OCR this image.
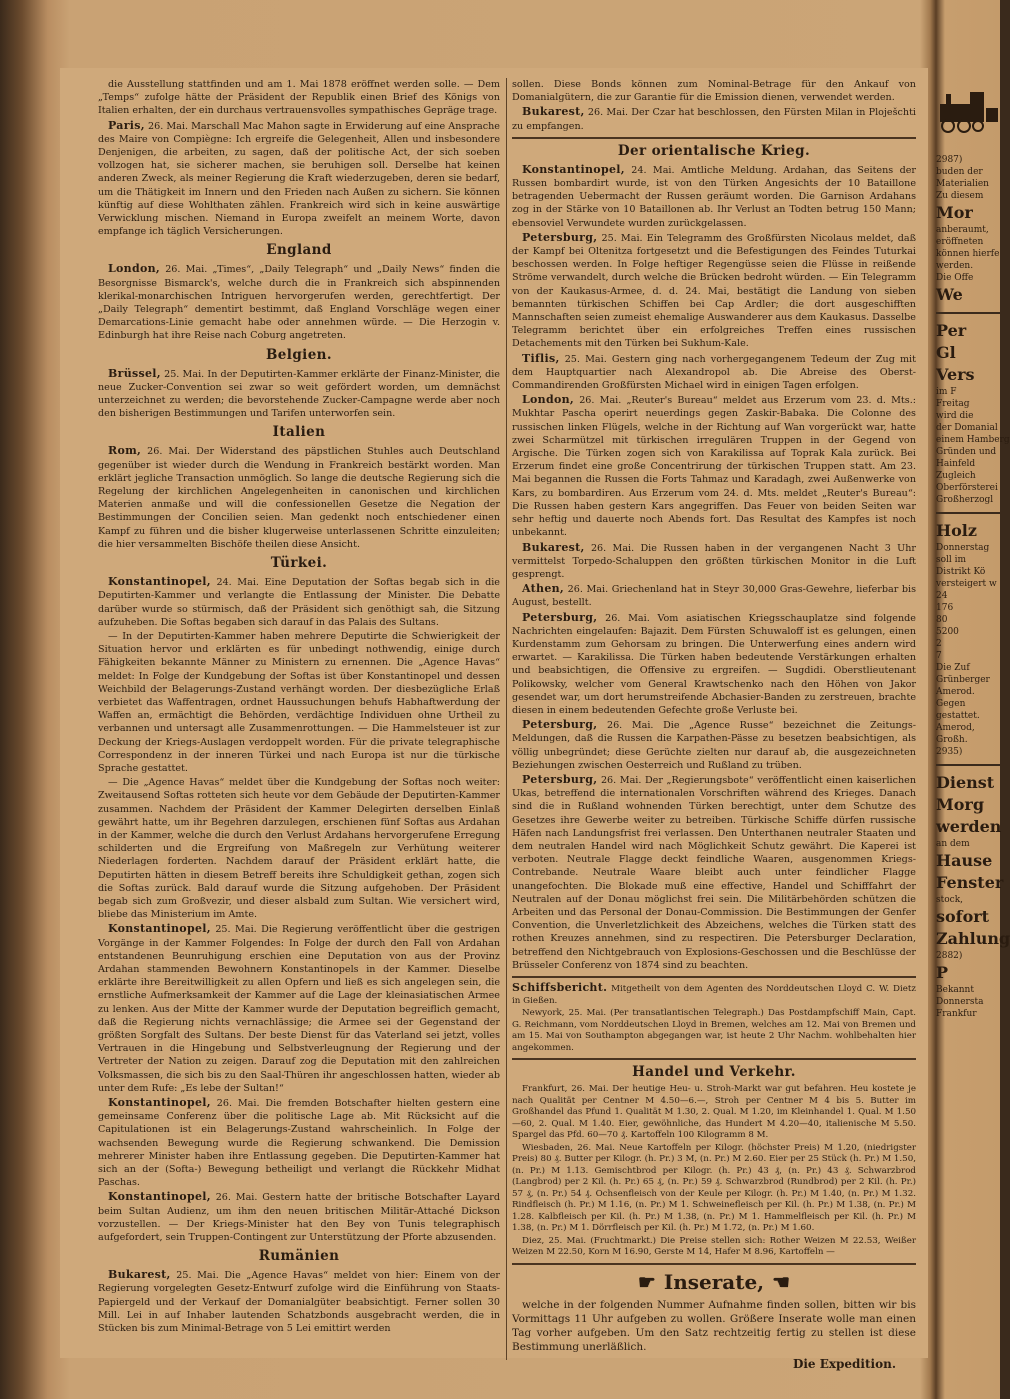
die Ausstellung stattfinden und am 1. Mai 1878 eröffnet werden solle. — Dem „Temps“ zufolge hätte der Präsident der Republik einen Brief des Königs von Italien erhalten, der ein durchaus vertrauensvolles sympathisches Gepräge trage.

Paris, 26. Mai. Marschall Mac Mahon sagte in Erwiderung auf eine Ansprache des Maire von Compiègne: Ich ergreife die Gelegenheit, Allen und insbesondere Denjenigen, die arbeiten, zu sagen, daß der politische Act, der sich soeben vollzogen hat, sie sicherer machen, sie beruhigen soll. Derselbe hat keinen anderen Zweck, als meiner Regierung die Kraft wiederzugeben, deren sie bedarf, um die Thätigkeit im Innern und den Frieden nach Außen zu sichern. Sie können künftig auf diese Wohlthaten zählen. Frankreich wird sich in keine auswärtige Verwicklung mischen. Niemand in Europa zweifelt an meinem Worte, davon empfange ich täglich Versicherungen.

England

London, 26. Mai. „Times“, „Daily Telegraph“ und „Daily News“ finden die Besorgnisse Bismarck's, welche durch die in Frankreich sich abspinnenden klerikal-monarchischen Intriguen hervorgerufen werden, gerechtfertigt. Der „Daily Telegraph“ dementirt bestimmt, daß England Vorschläge wegen einer Demarcations-Linie gemacht habe oder annehmen würde. — Die Herzogin v. Edinburgh hat ihre Reise nach Coburg angetreten.

Belgien.

Brüssel, 25. Mai. In der Deputirten-Kammer erklärte der Finanz-Minister, die neue Zucker-Convention sei zwar so weit gefördert worden, um demnächst unterzeichnet zu werden; die bevorstehende Zucker-Campagne werde aber noch den bisherigen Bestimmungen und Tarifen unterworfen sein.

Italien

Rom, 26. Mai. Der Widerstand des päpstlichen Stuhles auch Deutschland gegenüber ist wieder durch die Wendung in Frankreich bestärkt worden. Man erklärt jegliche Transaction unmöglich. So lange die deutsche Regierung sich die Regelung der kirchlichen Angelegenheiten in canonischen und kirchlichen Materien anmaße und will die confessionellen Gesetze die Negation der Bestimmungen der Concilien seien. Man gedenkt noch entschiedener einen Kampf zu führen und die bisher klugerweise unterlassenen Schritte einzuleiten; die hier versammelten Bischöfe theilen diese Ansicht.

Türkei.

Konstantinopel, 24. Mai. Eine Deputation der Softas begab sich in die Deputirten-Kammer und verlangte die Entlassung der Minister. Die Debatte darüber wurde so stürmisch, daß der Präsident sich genöthigt sah, die Sitzung aufzuheben. Die Softas begaben sich darauf in das Palais des Sultans.

— In der Deputirten-Kammer haben mehrere Deputirte die Schwierigkeit der Situation hervor und erklärten es für unbedingt nothwendig, einige durch Fähigkeiten bekannte Männer zu Ministern zu ernennen. Die „Agence Havas“ meldet: In Folge der Kundgebung der Softas ist über Konstantinopel und dessen Weichbild der Belagerungs-Zustand verhängt worden. Der diesbezügliche Erlaß verbietet das Waffentragen, ordnet Haussuchungen behufs Habhaftwerdung der Waffen an, ermächtigt die Behörden, verdächtige Individuen ohne Urtheil zu verbannen und untersagt alle Zusammenrottungen. — Die Hammelsteuer ist zur Deckung der Kriegs-Auslagen verdoppelt worden. Für die private telegraphische Correspondenz in der inneren Türkei und nach Europa ist nur die türkische Sprache gestattet.

— Die „Agence Havas“ meldet über die Kundgebung der Softas noch weiter: Zweitausend Softas rotteten sich heute vor dem Gebäude der Deputirten-Kammer zusammen. Nachdem der Präsident der Kammer Delegirten derselben Einlaß gewährt hatte, um ihr Begehren darzulegen, erschienen fünf Softas aus Ardahan in der Kammer, welche die durch den Verlust Ardahans hervorgerufene Erregung schilderten und die Ergreifung von Maßregeln zur Verhütung weiterer Niederlagen forderten. Nachdem darauf der Präsident erklärt hatte, die Deputirten hätten in diesem Betreff bereits ihre Schuldigkeit gethan, zogen sich die Softas zurück. Bald darauf wurde die Sitzung aufgehoben. Der Präsident begab sich zum Großvezir, und dieser alsbald zum Sultan. Wie versichert wird, bliebe das Ministerium im Amte.

Konstantinopel, 25. Mai. Die Regierung veröffentlicht über die gestrigen Vorgänge in der Kammer Folgendes: In Folge der durch den Fall von Ardahan entstandenen Beunruhigung erschien eine Deputation von aus der Provinz Ardahan stammenden Bewohnern Konstantinopels in der Kammer. Dieselbe erklärte ihre Bereitwilligkeit zu allen Opfern und ließ es sich angelegen sein, die ernstliche Aufmerksamkeit der Kammer auf die Lage der kleinasiatischen Armee zu lenken. Aus der Mitte der Kammer wurde der Deputation begreiflich gemacht, daß die Regierung nichts vernachlässige; die Armee sei der Gegenstand der größten Sorgfalt des Sultans. Der beste Dienst für das Vaterland sei jetzt, volles Vertrauen in die Hingebung und Selbstverleugnung der Regierung und der Vertreter der Nation zu zeigen. Darauf zog die Deputation mit den zahlreichen Volksmassen, die sich bis zu den Saal-Thüren ihr angeschlossen hatten, wieder ab unter dem Rufe: „Es lebe der Sultan!“

Konstantinopel, 26. Mai. Die fremden Botschafter hielten gestern eine gemeinsame Conferenz über die politische Lage ab. Mit Rücksicht auf die Capitulationen ist ein Belagerungs-Zustand wahrscheinlich. In Folge der wachsenden Bewegung wurde die Regierung schwankend. Die Demission mehrerer Minister haben ihre Entlassung gegeben. Die Deputirten-Kammer hat sich an der (Softa-) Bewegung betheiligt und verlangt die Rückkehr Midhat Paschas.

Konstantinopel, 26. Mai. Gestern hatte der britische Botschafter Layard beim Sultan Audienz, um ihm den neuen britischen Militär-Attaché Dickson vorzustellen. — Der Kriegs-Minister hat den Bey von Tunis telegraphisch aufgefordert, sein Truppen-Contingent zur Unterstützung der Pforte abzusenden.

Rumänien

Bukarest, 25. Mai. Die „Agence Havas“ meldet von hier: Einem von der Regierung vorgelegten Gesetz-Entwurf zufolge wird die Einführung von Staats-Papiergeld und der Verkauf der Domanialgüter beabsichtigt. Ferner sollen 30 Mill. Lei in auf Inhaber lautenden Schatzbonds ausgebracht werden, die in Stücken bis zum Minimal-Betrage von 5 Lei emittirt werden

sollen. Diese Bonds können zum Nominal-Betrage für den Ankauf von Domanialgütern, die zur Garantie für die Emission dienen, verwendet werden.

Bukarest, 26. Mai. Der Czar hat beschlossen, den Fürsten Milan in Ploješchti zu empfangen.

Der orientalische Krieg.

Konstantinopel, 24. Mai. Amtliche Meldung. Ardahan, das Seitens der Russen bombardirt wurde, ist von den Türken Angesichts der 10 Bataillone betragenden Uebermacht der Russen geräumt worden. Die Garnison Ardahans zog in der Stärke von 10 Bataillonen ab. Ihr Verlust an Todten betrug 150 Mann; ebensoviel Verwundete wurden zurückgelassen.

Petersburg, 25. Mai. Ein Telegramm des Großfürsten Nicolaus meldet, daß der Kampf bei Oltenitza fortgesetzt und die Befestigungen des Feindes Tuturkai beschossen werden. In Folge heftiger Regengüsse seien die Flüsse in reißende Ströme verwandelt, durch welche die Brücken bedroht würden. — Ein Telegramm von der Kaukasus-Armee, d. d. 24. Mai, bestätigt die Landung von sieben bemannten türkischen Schiffen bei Cap Ardler; die dort ausgeschifften Mannschaften seien zumeist ehemalige Auswanderer aus dem Kaukasus. Dasselbe Telegramm berichtet über ein erfolgreiches Treffen eines russischen Detachements mit den Türken bei Sukhum-Kale.

Tiflis, 25. Mai. Gestern ging nach vorhergegangenem Tedeum der Zug mit dem Hauptquartier nach Alexandropol ab. Die Abreise des Oberst-Commandirenden Großfürsten Michael wird in einigen Tagen erfolgen.

London, 26. Mai. „Reuter's Bureau“ meldet aus Erzerum vom 23. d. Mts.: Mukhtar Pascha operirt neuerdings gegen Zaskir-Babaka. Die Colonne des russischen linken Flügels, welche in der Richtung auf Wan vorgerückt war, hatte zwei Scharmützel mit türkischen irregulären Truppen in der Gegend von Argische. Die Türken zogen sich von Karakilissa auf Toprak Kala zurück. Bei Erzerum findet eine große Concentrirung der türkischen Truppen statt. Am 23. Mai begannen die Russen die Forts Tahmaz und Karadagh, zwei Außenwerke von Kars, zu bombardiren. Aus Erzerum vom 24. d. Mts. meldet „Reuter's Bureau“: Die Russen haben gestern Kars angegriffen. Das Feuer von beiden Seiten war sehr heftig und dauerte noch Abends fort. Das Resultat des Kampfes ist noch unbekannt.

Bukarest, 26. Mai. Die Russen haben in der vergangenen Nacht 3 Uhr vermittelst Torpedo-Schaluppen den größten türkischen Monitor in die Luft gesprengt.

Athen, 26. Mai. Griechenland hat in Steyr 30,000 Gras-Gewehre, lieferbar bis August, bestellt.

Petersburg, 26. Mai. Vom asiatischen Kriegsschauplatze sind folgende Nachrichten eingelaufen: Bajazit. Dem Fürsten Schuwaloff ist es gelungen, einen Kurdenstamm zum Gehorsam zu bringen. Die Unterwerfung eines andern wird erwartet. — Karakilissa. Die Türken haben bedeutende Verstärkungen erhalten und beabsichtigen, die Offensive zu ergreifen. — Sugdidi. Oberstlieutenant Polikowsky, welcher vom General Krawtschenko nach den Höhen von Jakor gesendet war, um dort herumstreifende Abchasier-Banden zu zerstreuen, brachte diesen in einem bedeutenden Gefechte große Verluste bei.

Petersburg, 26. Mai. Die „Agence Russe“ bezeichnet die Zeitungs-Meldungen, daß die Russen die Karpathen-Pässe zu besetzen beabsichtigen, als völlig unbegründet; diese Gerüchte zielten nur darauf ab, die ausgezeichneten Beziehungen zwischen Oesterreich und Rußland zu trüben.

Petersburg, 26. Mai. Der „Regierungsbote“ veröffentlicht einen kaiserlichen Ukas, betreffend die internationalen Vorschriften während des Krieges. Danach sind die in Rußland wohnenden Türken berechtigt, unter dem Schutze des Gesetzes ihre Gewerbe weiter zu betreiben. Türkische Schiffe dürfen russische Häfen nach Landungsfrist frei verlassen. Den Unterthanen neutraler Staaten und dem neutralen Handel wird nach Möglichkeit Schutz gewährt. Die Kaperei ist verboten. Neutrale Flagge deckt feindliche Waaren, ausgenommen Kriegs-Contrebande. Neutrale Waare bleibt auch unter feindlicher Flagge unangefochten. Die Blokade muß eine effective, Handel und Schifffahrt der Neutralen auf der Donau möglichst frei sein. Die Militärbehörden schützen die Arbeiten und das Personal der Donau-Commission. Die Bestimmungen der Genfer Convention, die Unverletzlichkeit des Abzeichens, welches die Türken statt des rothen Kreuzes annehmen, sind zu respectiren. Die Petersburger Declaration, betreffend den Nichtgebrauch von Explosions-Geschossen und die Beschlüsse der Brüsseler Conferenz von 1874 sind zu beachten.

Schiffsbericht. Mitgetheilt von dem Agenten des Norddeutschen Lloyd C. W. Dietz in Gießen.

Newyork, 25. Mai. (Per transatlantischen Telegraph.) Das Postdampfschiff Main, Capt. G. Reichmann, vom Norddeutschen Lloyd in Bremen, welches am 12. Mai von Bremen und am 15. Mai von Southampton abgegangen war, ist heute 2 Uhr Nachm. wohlbehalten hier angekommen.

Handel und Verkehr.

Frankfurt, 26. Mai. Der heutige Heu- u. Stroh-Markt war gut befahren. Heu kostete je nach Qualität per Centner M 4.50—6.—, Stroh per Centner M 4 bis 5. Butter im Großhandel das Pfund 1. Qualität M 1.30, 2. Qual. M 1.20, im Kleinhandel 1. Qual. M 1.50—60, 2. Qual. M 1.40. Eier, gewöhnliche, das Hundert M 4.20—40, italienische M 5.50. Spargel das Pfd. 60—70 ₰. Kartoffeln 100 Kilogramm 8 M.

Wiesbaden, 26. Mai. Neue Kartoffeln per Kilogr. (höchster Preis) M 1.20, (niedrigster Preis) 80 ₰. Butter per Kilogr. (h. Pr.) 3 M, (n. Pr.) M 2.60. Eier per 25 Stück (h. Pr.) M 1.50, (n. Pr.) M 1.13. Gemischtbrod per Kilogr. (h. Pr.) 43 ₰, (n. Pr.) 43 ₰. Schwarzbrod (Langbrod) per 2 Kil. (h. Pr.) 65 ₰, (n. Pr.) 59 ₰. Schwarzbrod (Rundbrod) per 2 Kil. (h. Pr.) 57 ₰, (n. Pr.) 54 ₰. Ochsenfleisch von der Keule per Kilogr. (h. Pr.) M 1.40, (n. Pr.) M 1.32. Rindfleisch (h. Pr.) M 1.16, (n. Pr.) M 1. Schweinefleisch per Kil. (h. Pr.) M 1.38, (n. Pr.) M 1.28. Kalbfleisch per Kil. (h. Pr.) M 1.38, (n. Pr.) M 1. Hammelfleisch per Kil. (h. Pr.) M 1.38, (n. Pr.) M 1. Dörrfleisch per Kil. (h. Pr.) M 1.72, (n. Pr.) M 1.60.

Diez, 25. Mai. (Fruchtmarkt.) Die Preise stellen sich: Rother Weizen M 22.53, Weißer Weizen M 22.50, Korn M 16.90, Gerste M 14, Hafer M 8.96, Kartoffeln —

☛ Inserate, ☚

welche in der folgenden Nummer Aufnahme finden sollen, bitten wir bis Vormittags 11 Uhr aufgeben zu wollen. Größere Inserate wolle man einen Tag vorher aufgeben. Um den Satz rechtzeitig fertig zu stellen ist diese Bestimmung unerläßlich.

Die Expedition.
2987)
buden der
Materialien
Zu diesem
Mor
anberaumt,
eröffneten
können hierfe
werden.
Die Offe
We
Per
Gl
Vers
im F
Freitag
wird die
der Domanial
einem Hamberg
Gründen und
Hainfeld
Zugleich
Oberförsterei
Großherzogl
Holz
Donnerstag
soll im
Distrikt Kö
versteigert w
24
176
80
5200
2
7
Die Zuf
Grünberger
Amerod.
Gegen
gestattet.
Amerod,
Großh.
2935)
Dienst
Morg
werden
an dem
Hause
Fenster
stock,
sofort
Zahlung
2882)
P
Bekannt
Donnersta
Frankfur
